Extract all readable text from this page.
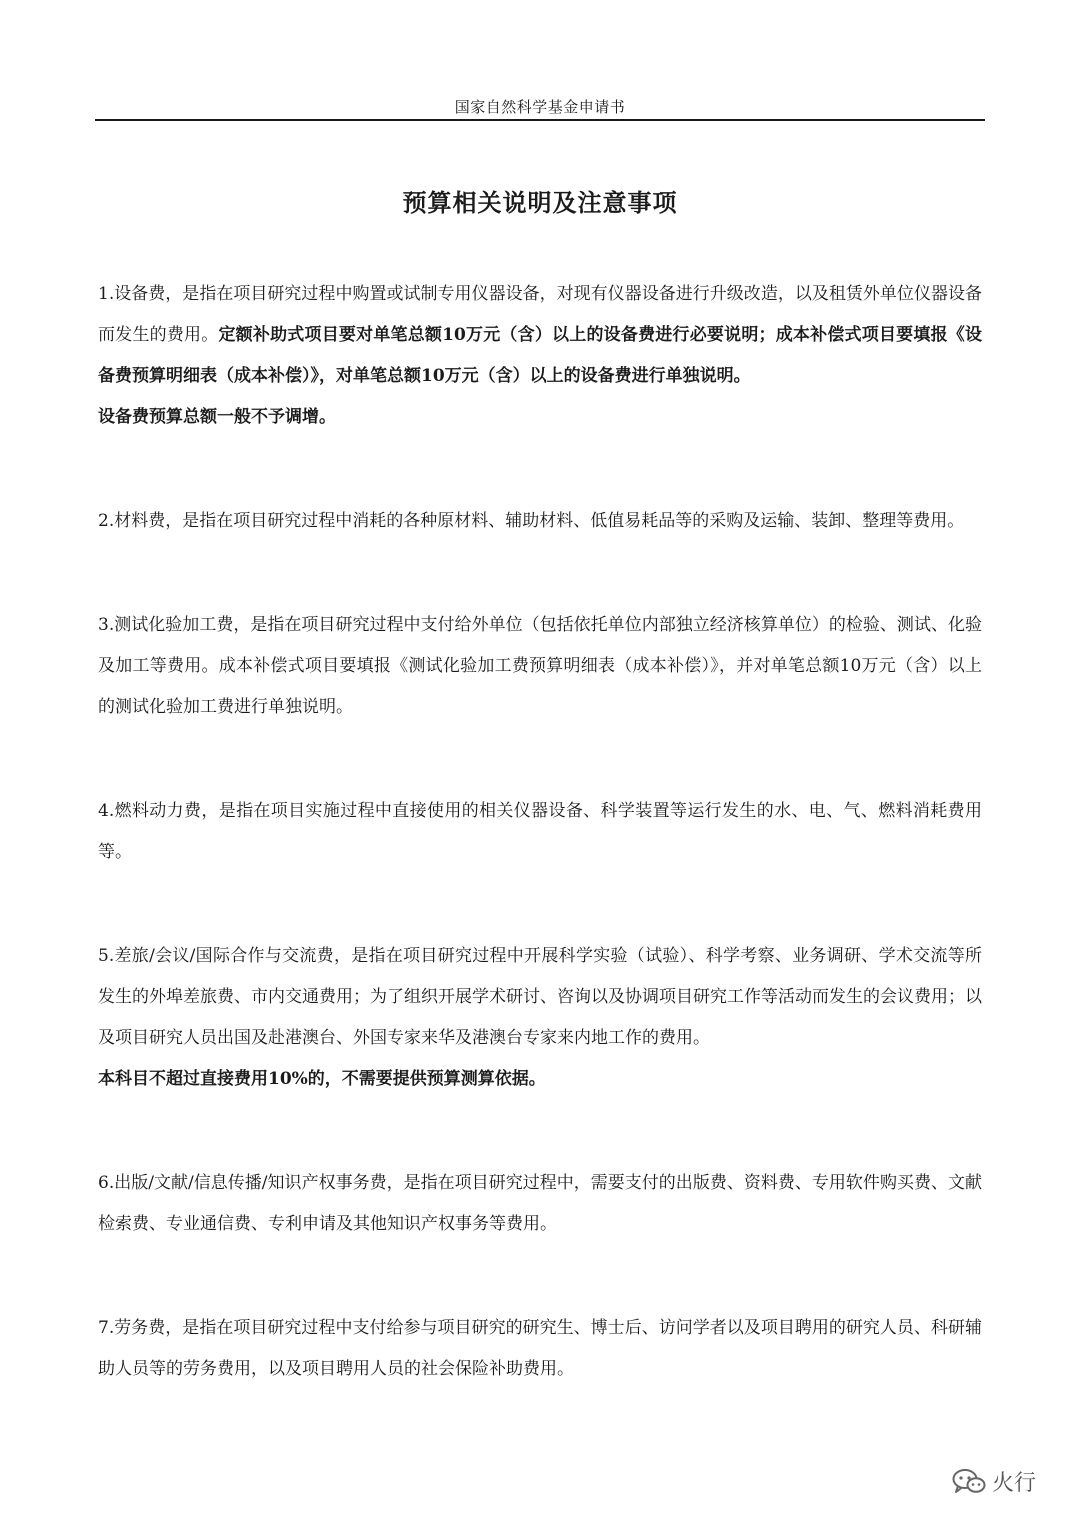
国家自然科学基金申请书
预算相关说明及注意事项

1.设备费，是指在项目研究过程中购置或试制专用仪器设备，对现有仪器设备进行升级改造，以及租赁外单位仪器设备而发生的费用。定额补助式项目要对单笔总额10万元（含）以上的设备费进行必要说明；成本补偿式项目要填报《设备费预算明细表（成本补偿）》，对单笔总额10万元（含）以上的设备费进行单独说明。

设备费预算总额一般不予调增。

2.材料费，是指在项目研究过程中消耗的各种原材料、辅助材料、低值易耗品等的采购及运输、装卸、整理等费用。

3.测试化验加工费，是指在项目研究过程中支付给外单位（包括依托单位内部独立经济核算单位）的检验、测试、化验及加工等费用。成本补偿式项目要填报《测试化验加工费预算明细表（成本补偿）》，并对单笔总额10万元（含）以上的测试化验加工费进行单独说明。

4.燃料动力费，是指在项目实施过程中直接使用的相关仪器设备、科学装置等运行发生的水、电、气、燃料消耗费用等。

5.差旅/会议/国际合作与交流费，是指在项目研究过程中开展科学实验（试验）、科学考察、业务调研、学术交流等所发生的外埠差旅费、市内交通费用；为了组织开展学术研讨、咨询以及协调项目研究工作等活动而发生的会议费用；以及项目研究人员出国及赴港澳台、外国专家来华及港澳台专家来内地工作的费用。

本科目不超过直接费用10%的，不需要提供预算测算依据。

6.出版/文献/信息传播/知识产权事务费，是指在项目研究过程中，需要支付的出版费、资料费、专用软件购买费、文献检索费、专业通信费、专利申请及其他知识产权事务等费用。

7.劳务费，是指在项目研究过程中支付给参与项目研究的研究生、博士后、访问学者以及项目聘用的研究人员、科研辅助人员等的劳务费用，以及项目聘用人员的社会保险补助费用。

火行
